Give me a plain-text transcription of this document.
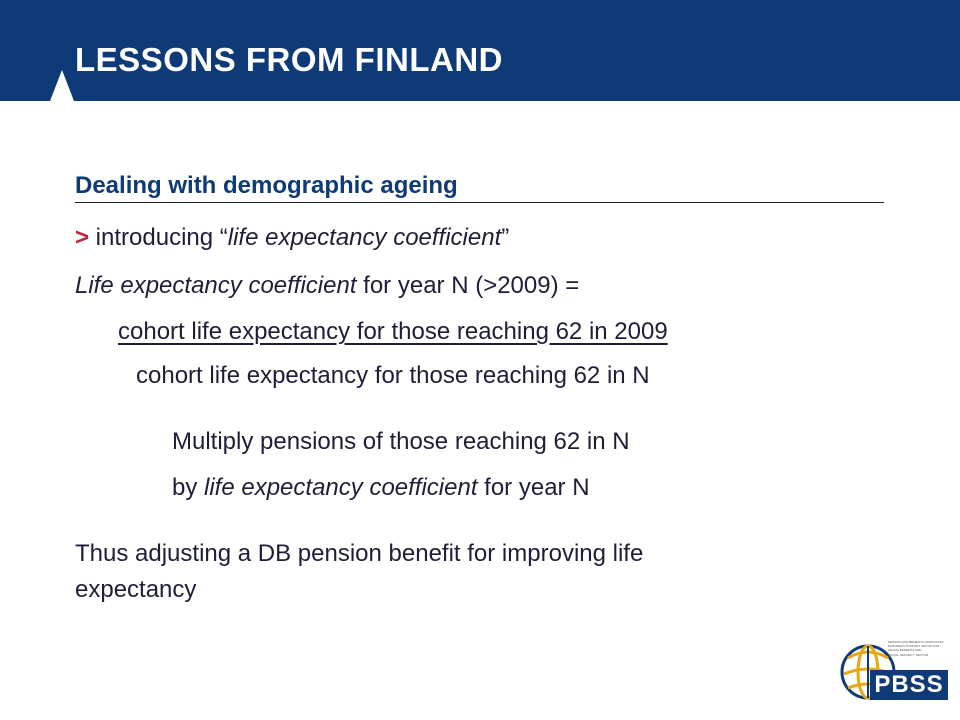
LESSONS FROM FINLAND
Dealing with demographic ageing
> introducing “life expectancy coefficient”
Life expectancy coefficient for year N (>2009) =
cohort life expectancy for those reaching 62 in 2009
cohort life expectancy for those reaching 62 in N
Multiply pensions of those reaching 62 in N
by life expectancy coefficient for year N
Thus adjusting a DB pension benefit for improving life
expectancy
PENSION AND BENEFITS ASSOCIATES
EUROPEAN SUPPORT GROUP FOR
SOCIAL BENEFITS AND
SOCIAL SECURITY SECTOR
PBSS
